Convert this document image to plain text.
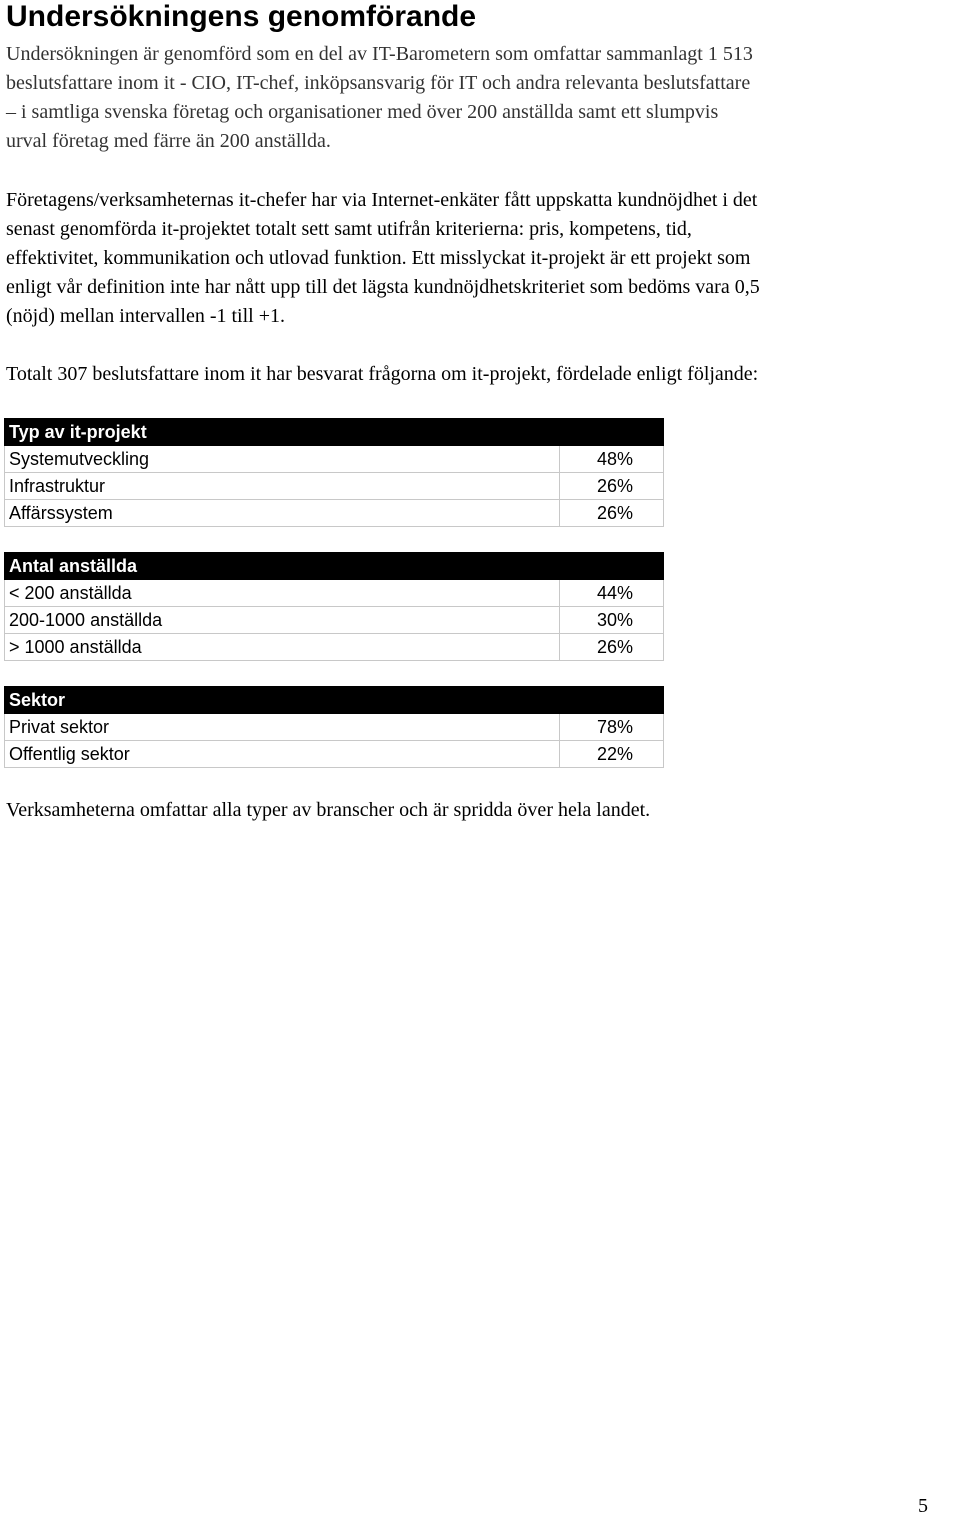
Undersökningens genomförande

Undersökningen är genomförd som en del av IT-Barometern som omfattar sammanlagt 1 513
beslutsfattare inom it - CIO, IT-chef, inköpsansvarig för IT och andra relevanta beslutsfattare
– i samtliga svenska företag och organisationer med över 200 anställda samt ett slumpvis
urval företag med färre än 200 anställda.

Företagens/verksamheternas it-chefer har via Internet-enkäter fått uppskatta kundnöjdhet i det
senast genomförda it-projektet totalt sett samt utifrån kriterierna: pris, kompetens, tid,
effektivitet, kommunikation och utlovad funktion. Ett misslyckat it-projekt är ett projekt som
enligt vår definition inte har nått upp till det lägsta kundnöjdhetskriteriet som bedöms vara 0,5
(nöjd) mellan intervallen -1 till +1.

Totalt 307 beslutsfattare inom it har besvarat frågorna om it-projekt, fördelade enligt följande:

Typ av it-projekt	
Systemutveckling	48%
Infrastruktur	26%
Affärssystem	26%
Antal anställda	
< 200 anställda	44%
200-1000 anställda	30%
> 1000 anställda	26%
Sektor	
Privat sektor	78%
Offentlig sektor	22%

Verksamheterna omfattar alla typer av branscher och är spridda över hela landet.

5
